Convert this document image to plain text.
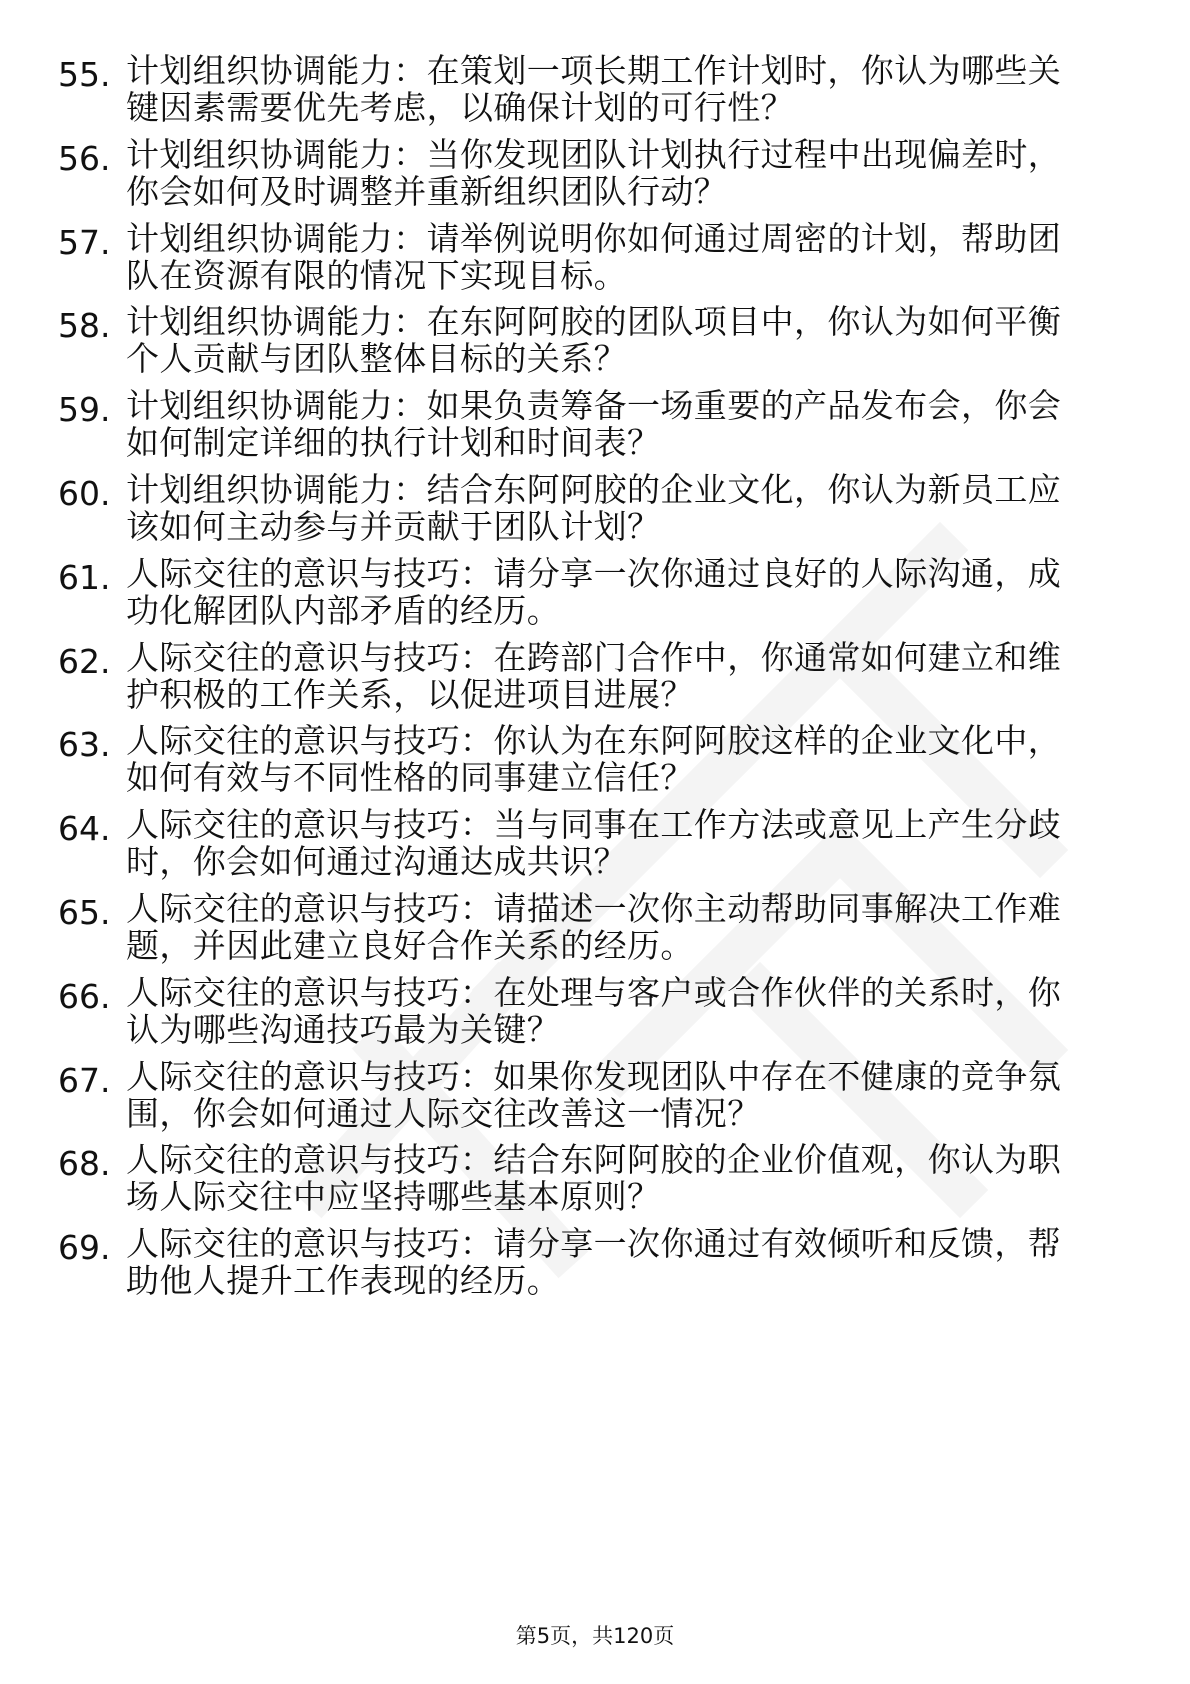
55. 计划组织协调能力：在策划一项长期工作计划时，你认为哪些关
键因素需要优先考虑，以确保计划的可行性？
56. 计划组织协调能力：当你发现团队计划执行过程中出现偏差时，
你会如何及时调整并重新组织团队行动？
57. 计划组织协调能力：请举例说明你如何通过周密的计划，帮助团
队在资源有限的情况下实现目标。
58. 计划组织协调能力：在东阿阿胶的团队项目中，你认为如何平衡
个人贡献与团队整体目标的关系？
59. 计划组织协调能力：如果负责筹备一场重要的产品发布会，你会
如何制定详细的执行计划和时间表？
60. 计划组织协调能力：结合东阿阿胶的企业文化，你认为新员工应
该如何主动参与并贡献于团队计划？
61. 人际交往的意识与技巧：请分享一次你通过良好的人际沟通，成
功化解团队内部矛盾的经历。
62. 人际交往的意识与技巧：在跨部门合作中，你通常如何建立和维
护积极的工作关系，以促进项目进展？
63. 人际交往的意识与技巧：你认为在东阿阿胶这样的企业文化中，
如何有效与不同性格的同事建立信任？
64. 人际交往的意识与技巧：当与同事在工作方法或意见上产生分歧
时，你会如何通过沟通达成共识？
65. 人际交往的意识与技巧：请描述一次你主动帮助同事解决工作难
题，并因此建立良好合作关系的经历。
66. 人际交往的意识与技巧：在处理与客户或合作伙伴的关系时，你
认为哪些沟通技巧最为关键？
67. 人际交往的意识与技巧：如果你发现团队中存在不健康的竞争氛
围，你会如何通过人际交往改善这一情况？
68. 人际交往的意识与技巧：结合东阿阿胶的企业价值观，你认为职
场人际交往中应坚持哪些基本原则？
69. 人际交往的意识与技巧：请分享一次你通过有效倾听和反馈，帮
助他人提升工作表现的经历。
第5页，共120页
